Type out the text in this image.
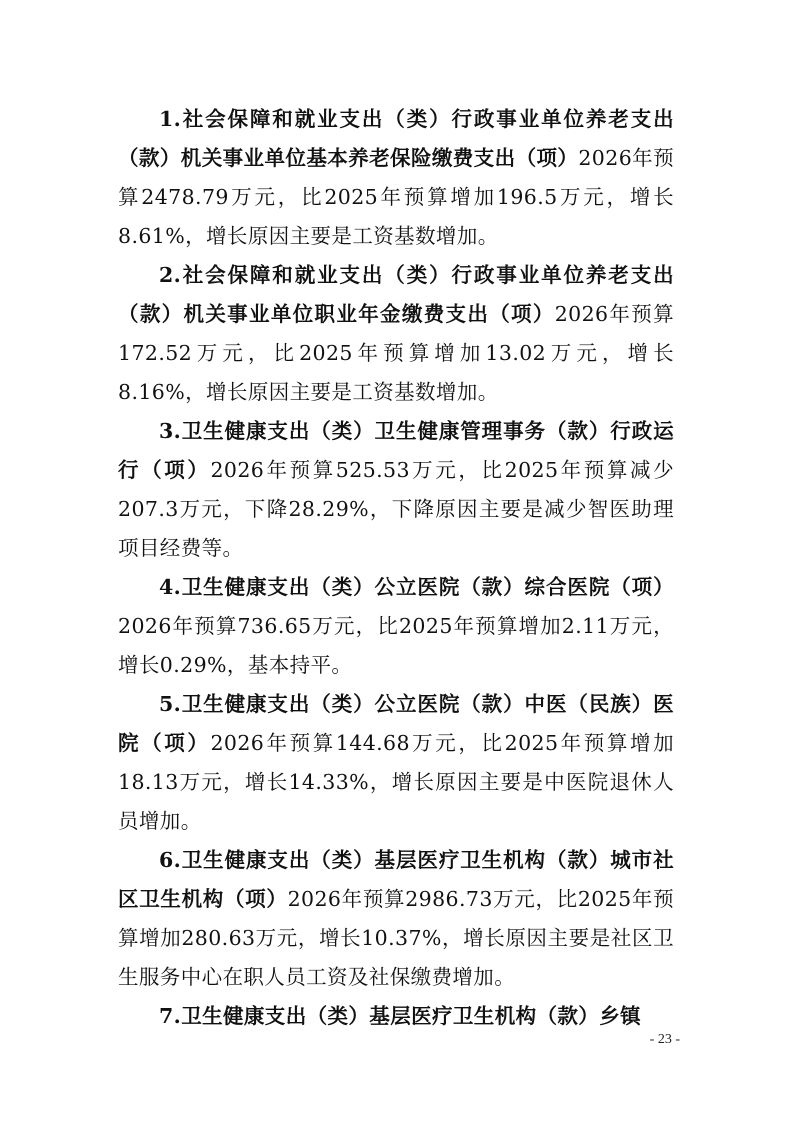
1.社会保障和就业支出（类）行政事业单位养老支出（款）机关事业单位基本养老保险缴费支出（项）2026年预算2478.79万元，比2025年预算增加196.5万元，增长8.61%，增长原因主要是工资基数增加。

2.社会保障和就业支出（类）行政事业单位养老支出（款）机关事业单位职业年金缴费支出（项）2026年预算172.52万元，比2025年预算增加13.02万元，增长8.16%，增长原因主要是工资基数增加。

3.卫生健康支出（类）卫生健康管理事务（款）行政运行（项）2026年预算525.53万元，比2025年预算减少207.3万元，下降28.29%，下降原因主要是减少智医助理项目经费等。

4.卫生健康支出（类）公立医院（款）综合医院（项）2026年预算736.65万元，比2025年预算增加2.11万元，增长0.29%，基本持平。

5.卫生健康支出（类）公立医院（款）中医（民族）医院（项）2026年预算144.68万元，比2025年预算增加18.13万元，增长14.33%，增长原因主要是中医院退休人员增加。

6.卫生健康支出（类）基层医疗卫生机构（款）城市社区卫生机构（项）2026年预算2986.73万元，比2025年预算增加280.63万元，增长10.37%，增长原因主要是社区卫生服务中心在职人员工资及社保缴费增加。

7.卫生健康支出（类）基层医疗卫生机构（款）乡镇

- 23 -
